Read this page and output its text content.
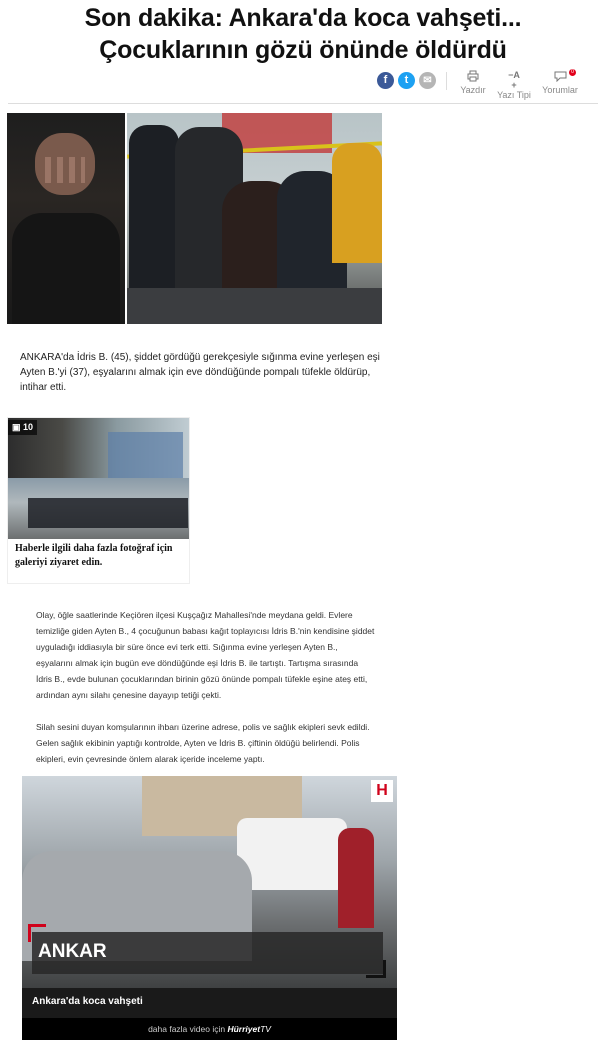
Son dakika: Ankara'da koca vahşeti...
Çocuklarının gözü önünde öldürdü
f	t	✉
Yazdır
−A
+
Yazı Tipi	Yorumlar
0

ANKARA'da İdris B. (45), şiddet gördüğü gerekçesiyle sığınma evine yerleşen eşi Ayten B.'yi (37), eşyalarını almak için eve döndüğünde pompalı tüfekle öldürüp, intihar etti.

▣ 10
Haberle ilgili daha fazla fotoğraf için galeriyi ziyaret edin.

Olay, öğle saatlerinde Keçiören ilçesi Kuşçağız Mahallesi'nde meydana geldi. Evlere temizliğe giden Ayten B., 4 çocuğunun babası kağıt toplayıcısı İdris B.'nin kendisine şiddet uyguladığı iddiasıyla bir süre önce evi terk etti. Sığınma evine yerleşen Ayten B., eşyalarını almak için bugün eve döndüğünde eşi İdris B. ile tartıştı. Tartışma sırasında İdris B., evde bulunan çocuklarından birinin gözü önünde pompalı tüfekle eşine ateş etti, ardından aynı silahı çenesine dayayıp tetiği çekti.

Silah sesini duyan komşularının ihbarı üzerine adrese, polis ve sağlık ekipleri sevk edildi. Gelen sağlık ekibinin yaptığı kontrolde, Ayten ve İdris B. çiftinin öldüğü belirlendi. Polis ekipleri, evin çevresinde önlem alarak içeride inceleme yaptı.

H
ANKAR
Ankara'da koca vahşeti
daha fazla video için HürriyetTV
